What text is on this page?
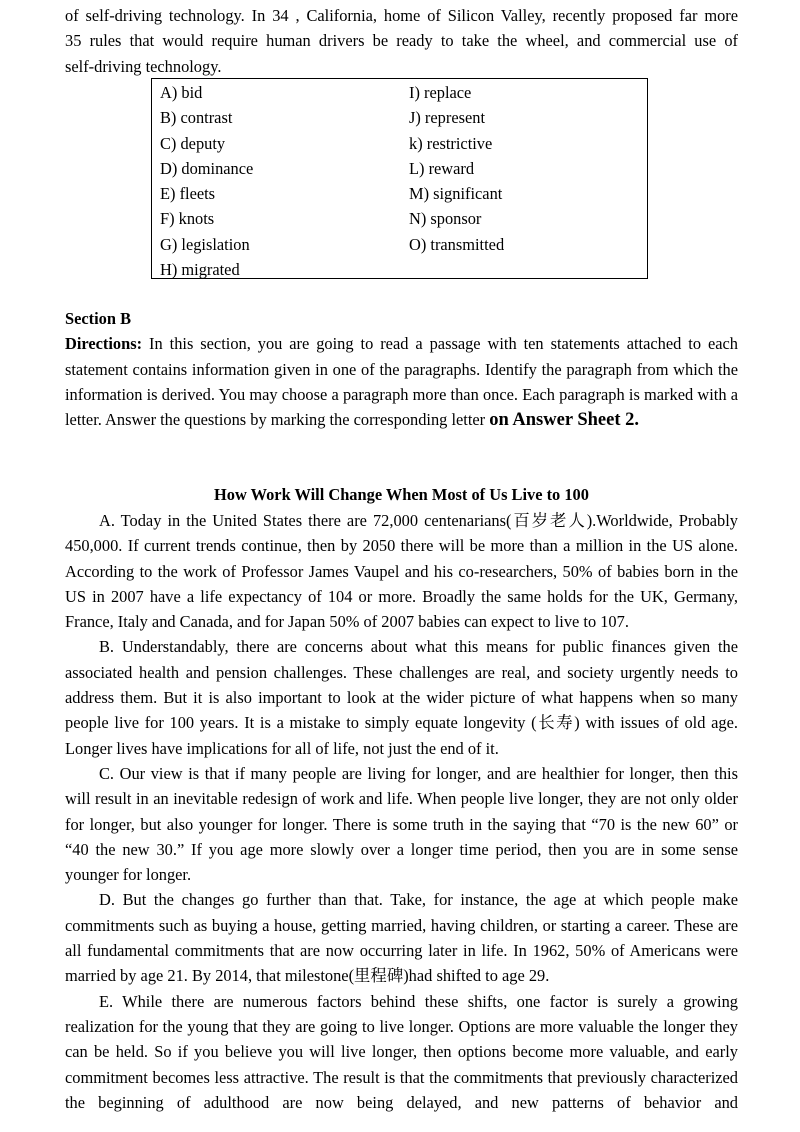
of self-driving technology. In 34 , California, home of Silicon Valley, recently proposed far more

35 rules that would require human drivers be ready to take the wheel, and commercial use of

self-driving technology.

A) bid
B) contrast
C) deputy
D) dominance
E) fleets
F) knots
G) legislation
H) migrated
I) replace
J) represent
k) restrictive
L) reward
M) significant
N) sponsor
O) transmitted

Section B

Directions: In this section, you are going to read a passage with ten statements attached to each statement contains information given in one of the paragraphs. Identify the paragraph from which the information is derived. You may choose a paragraph more than once. Each paragraph is marked with a letter. Answer the questions by marking the corresponding letter on Answer Sheet 2.

How Work Will Change When Most of Us Live to 100

A. Today in the United States there are 72,000 centenarians(百岁老人).Worldwide, Probably 450,000. If current trends continue, then by 2050 there will be more than a million in the US alone. According to the work of Professor James Vaupel and his co-researchers, 50% of babies born in the US in 2007 have a life expectancy of 104 or more. Broadly the same holds for the UK, Germany, France, Italy and Canada, and for Japan 50% of 2007 babies can expect to live to 107.

B. Understandably, there are concerns about what this means for public finances given the associated health and pension challenges. These challenges are real, and society urgently needs to address them. But it is also important to look at the wider picture of what happens when so many people live for 100 years. It is a mistake to simply equate longevity (长寿) with issues of old age. Longer lives have implications for all of life, not just the end of it.

C. Our view is that if many people are living for longer, and are healthier for longer, then this will result in an inevitable redesign of work and life. When people live longer, they are not only older for longer, but also younger for longer. There is some truth in the saying that “70 is the new 60” or “40 the new 30.” If you age more slowly over a longer time period, then you are in some sense younger for longer.

D. But the changes go further than that. Take, for instance, the age at which people make commitments such as buying a house, getting married, having children, or starting a career. These are all fundamental commitments that are now occurring later in life. In 1962, 50% of Americans were married by age 21. By 2014, that milestone(里程碑)had shifted to age 29.

E. While there are numerous factors behind these shifts, one factor is surely a growing realization for the young that they are going to live longer. Options are more valuable the longer they can be held. So if you believe you will live longer, then options become more valuable, and early commitment becomes less attractive. The result is that the commitments that previously characterized the beginning of adulthood are now being delayed, and new patterns of behavior and
